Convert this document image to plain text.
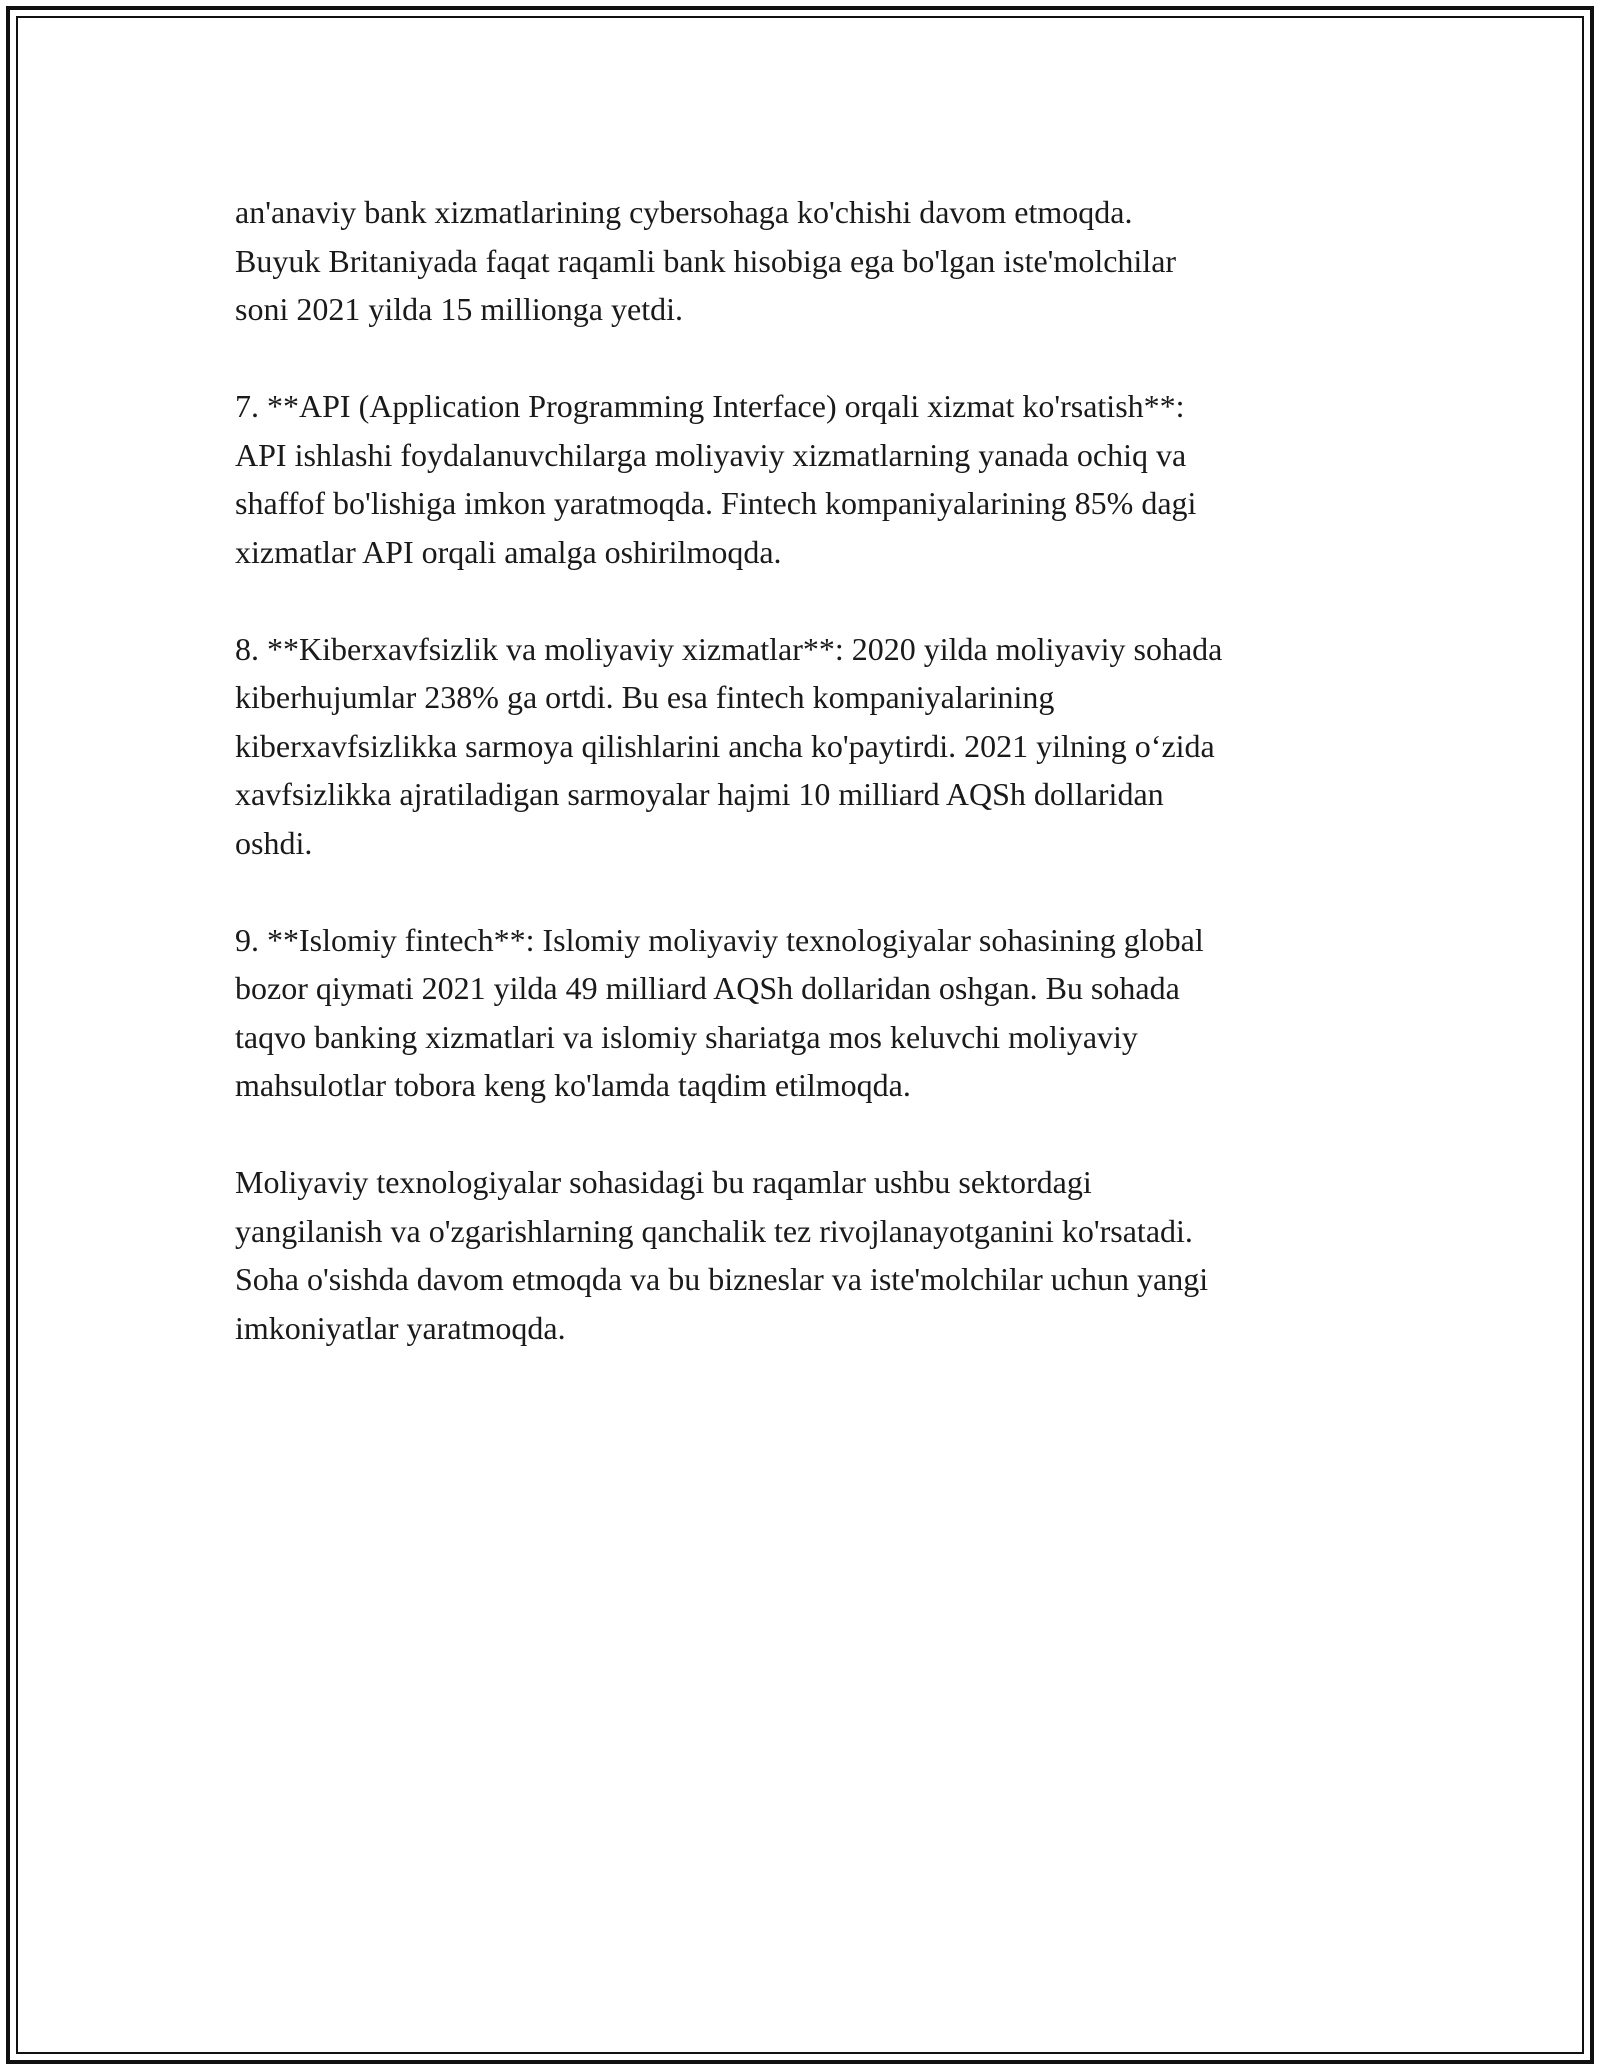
an'anaviy bank xizmatlarining cybersohaga ko'chishi davom etmoqda.
Buyuk Britaniyada faqat raqamli bank hisobiga ega bo'lgan iste'molchilar
soni 2021 yilda 15 millionga yetdi.

7. **API (Application Programming Interface) orqali xizmat ko'rsatish**:
API ishlashi foydalanuvchilarga moliyaviy xizmatlarning yanada ochiq va
shaffof bo'lishiga imkon yaratmoqda. Fintech kompaniyalarining 85% dagi
xizmatlar API orqali amalga oshirilmoqda.

8. **Kiberxavfsizlik va moliyaviy xizmatlar**: 2020 yilda moliyaviy sohada
kiberhujumlar 238% ga ortdi. Bu esa fintech kompaniyalarining
kiberxavfsizlikka sarmoya qilishlarini ancha ko'paytirdi. 2021 yilning o‘zida
xavfsizlikka ajratiladigan sarmoyalar hajmi 10 milliard AQSh dollaridan
oshdi.

9. **Islomiy fintech**: Islomiy moliyaviy texnologiyalar sohasining global
bozor qiymati 2021 yilda 49 milliard AQSh dollaridan oshgan. Bu sohada
taqvo banking xizmatlari va islomiy shariatga mos keluvchi moliyaviy
mahsulotlar tobora keng ko'lamda taqdim etilmoqda.

Moliyaviy texnologiyalar sohasidagi bu raqamlar ushbu sektordagi
yangilanish va o'zgarishlarning qanchalik tez rivojlanayotganini ko'rsatadi.
Soha o'sishda davom etmoqda va bu bizneslar va iste'molchilar uchun yangi
imkoniyatlar yaratmoqda.
